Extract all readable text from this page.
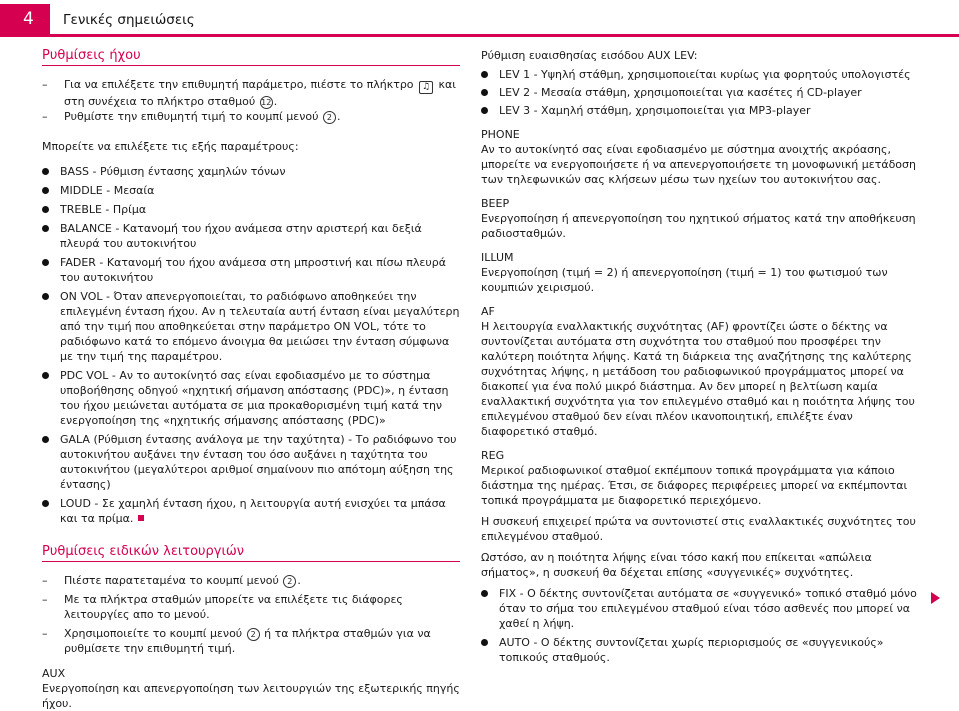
4	Γενικές σημειώσεις
Ρυθμίσεις ήχου
– Για να επιλέξετε την επιθυμητή παράμετρο, πιέστε το πλήκτρο ♫ και στη συνέχεια το πλήκτρο σταθμού 12 .
– Ρυθμίστε την επιθυμητή τιμή το κουμπί μενού 2 .

Μπορείτε να επιλέξετε τις εξής παραμέτρους:

BASS - Ρύθμιση έντασης χαμηλών τόνων
MIDDLE - Μεσαία
TREBLE - Πρίμα
BALANCE - Κατανομή του ήχου ανάμεσα στην αριστερή και δεξιά πλευρά του αυτοκινήτου
FADER - Κατανομή του ήχου ανάμεσα στη μπροστινή και πίσω πλευρά του αυτοκινήτου
ON VOL - Όταν απενεργοποιείται, το ραδιόφωνο αποθηκεύει την επιλεγμένη ένταση ήχου. Αν η τελευταία αυτή ένταση είναι μεγαλύτερη από την τιμή που αποθηκεύεται στην παράμετρο ON VOL, τότε το ραδιόφωνο κατά το επόμενο άνοιγμα θα μειώσει την ένταση σύμφωνα με την τιμή της παραμέτρου.
PDC VOL - Αν το αυτοκίνητό σας είναι εφοδιασμένο με το σύστημα υποβοήθησης οδηγού «ηχητική σήμανση απόστασης (PDC)», η ένταση του ήχου μειώνεται αυτόματα σε μια προκαθορισμένη τιμή κατά την ενεργοποίηση της «ηχητικής σήμανσης απόστασης (PDC)»
GALA (Ρύθμιση έντασης ανάλογα με την ταχύτητα) - Το ραδιόφωνο του αυτοκινήτου αυξάνει την ένταση του όσο αυξάνει η ταχύτητα του αυτοκινήτου (μεγαλύτεροι αριθμοί σημαίνουν πιο απότομη αύξηση της έντασης)
LOUD - Σε χαμηλή ένταση ήχου, η λειτουργία αυτή ενισχύει τα μπάσα και τα πρίμα.
Ρυθμίσεις ειδικών λειτουργιών
– Πιέστε παρατεταμένα το κουμπί μενού 2 .
– Με τα πλήκτρα σταθμών μπορείτε να επιλέξετε τις διάφορες λειτουργίες απο το μενού.
– Χρησιμοποιείτε το κουμπί μενού 2 ή τα πλήκτρα σταθμών για να ρυθμίσετε την επιθυμητή τιμή.

AUX

Ενεργοποίηση και απενεργοποίηση των λειτουργιών της εξωτερικής πηγής ήχου.

Ρύθμιση ευαισθησίας εισόδου AUX LEV:

LEV 1 - Υψηλή στάθμη, χρησιμοποιείται κυρίως για φορητούς υπολογιστές
LEV 2 - Μεσαία στάθμη, χρησιμοποιείται για κασέτες ή CD-player
LEV 3 - Χαμηλή στάθμη, χρησιμοποιείται για MP3-player

PHONE

Αν το αυτοκίνητό σας είναι εφοδιασμένο με σύστημα ανοιχτής ακρόασης, μπορείτε να ενεργοποιήσετε ή να απενεργοποιήσετε τη μονοφωνική μετάδοση των τηλεφωνικών σας κλήσεων μέσω των ηχείων του αυτοκινήτου σας.

BEEP

Ενεργοποίηση ή απενεργοποίηση του ηχητικού σήματος κατά την αποθήκευση ραδιοσταθμών.

ILLUM

Ενεργοποίηση (τιμή = 2) ή απενεργοποίηση (τιμή = 1) του φωτισμού των κουμπιών χειρισμού.

AF

Η λειτουργία εναλλακτικής συχνότητας (AF) φροντίζει ώστε ο δέκτης να συντονίζεται αυτόματα στη συχνότητα του σταθμού που προσφέρει την καλύτερη ποιότητα λήψης. Κατά τη διάρκεια της αναζήτησης της καλύτερης συχνότητας λήψης, η μετάδοση του ραδιοφωνικού προγράμματος μπορεί να διακοπεί για ένα πολύ μικρό διάστημα. Αν δεν μπορεί η βελτίωση καμία εναλλακτική συχνότητα για τον επιλεγμένο σταθμό και η ποιότητα λήψης του επιλεγμένου σταθμού δεν είναι πλέον ικανοποιητική, επιλέξτε έναν διαφορετικό σταθμό.

REG

Μερικοί ραδιοφωνικοί σταθμοί εκπέμπουν τοπικά προγράμματα για κάποιο διάστημα της ημέρας. Έτσι, σε διάφορες περιφέρειες μπορεί να εκπέμπονται τοπικά προγράμματα με διαφορετικό περιεχόμενο.

Η συσκευή επιχειρεί πρώτα να συντονιστεί στις εναλλακτικές συχνότητες του επιλεγμένου σταθμού.

Ωστόσο, αν η ποιότητα λήψης είναι τόσο κακή που επίκειται «απώλεια σήματος», η συσκευή θα δέχεται επίσης «συγγενικές» συχνότητες.

FIX - Ο δέκτης συντονίζεται αυτόματα σε «συγγενικό» τοπικό σταθμό μόνο όταν το σήμα του επιλεγμένου σταθμού είναι τόσο ασθενές που μπορεί να χαθεί η λήψη.
AUTO - Ο δέκτης συντονίζεται χωρίς περιορισμούς σε «συγγενικούς» τοπικούς σταθμούς.
